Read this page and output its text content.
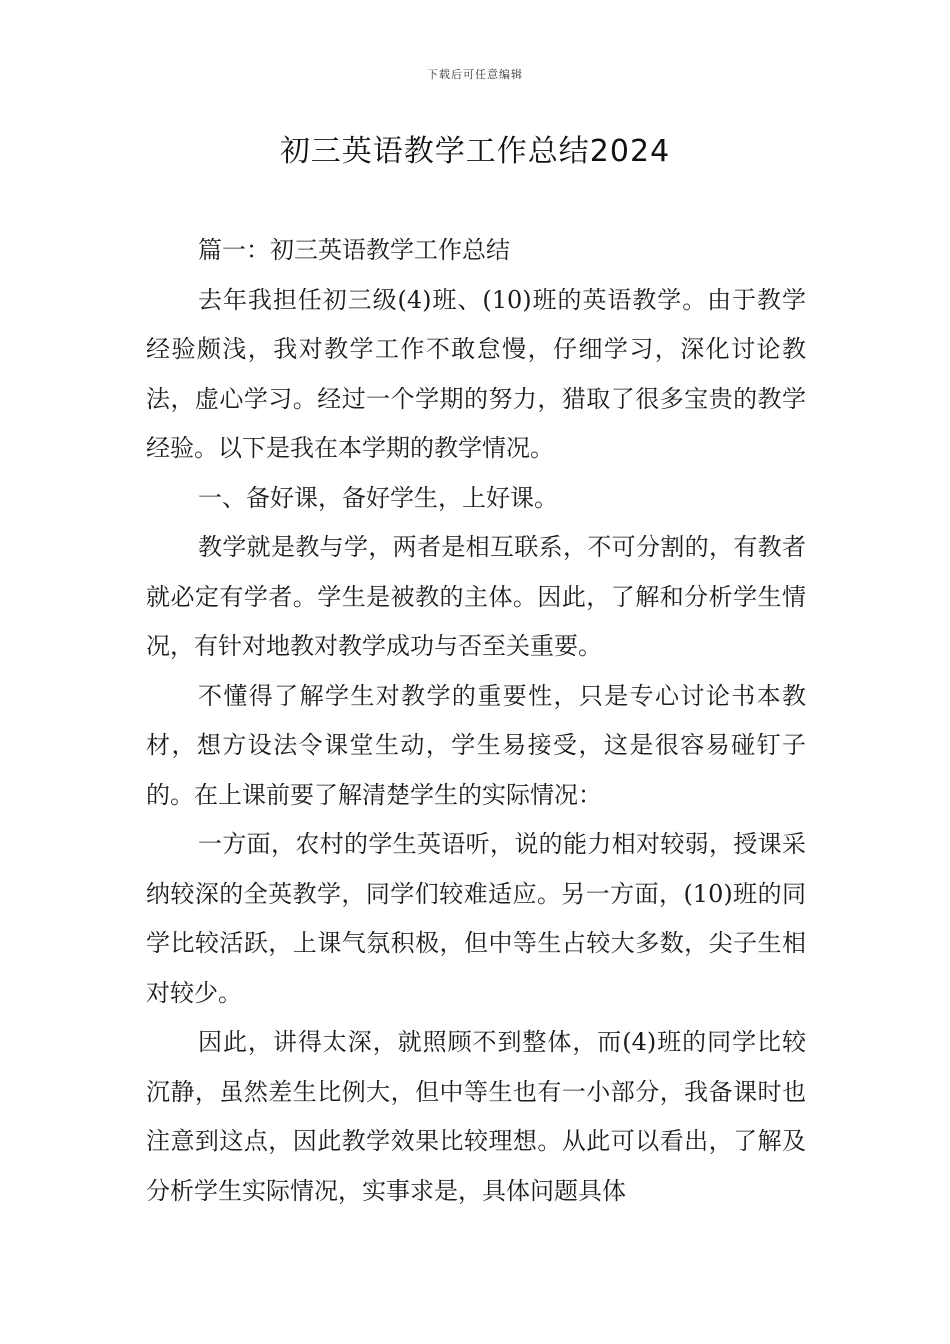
下载后可任意编辑
初三英语教学工作总结2024

篇一：初三英语教学工作总结

去年我担任初三级(4)班、(10)班的英语教学。由于教学经验颇浅，我对教学工作不敢怠慢，仔细学习，深化讨论教法，虚心学习。经过一个学期的努力，猎取了很多宝贵的教学经验。以下是我在本学期的教学情况。

一、备好课，备好学生，上好课。

教学就是教与学，两者是相互联系，不可分割的，有教者就必定有学者。学生是被教的主体。因此，了解和分析学生情况，有针对地教对教学成功与否至关重要。

不懂得了解学生对教学的重要性，只是专心讨论书本教材，想方设法令课堂生动，学生易接受，这是很容易碰钉子的。在上课前要了解清楚学生的实际情况：

一方面，农村的学生英语听，说的能力相对较弱，授课采纳较深的全英教学，同学们较难适应。另一方面，(10)班的同学比较活跃，上课气氛积极，但中等生占较大多数，尖子生相对较少。

因此，讲得太深，就照顾不到整体，而(4)班的同学比较沉静，虽然差生比例大，但中等生也有一小部分，我备课时也注意到这点，因此教学效果比较理想。从此可以看出，了解及分析学生实际情况，实事求是，具体问题具体
